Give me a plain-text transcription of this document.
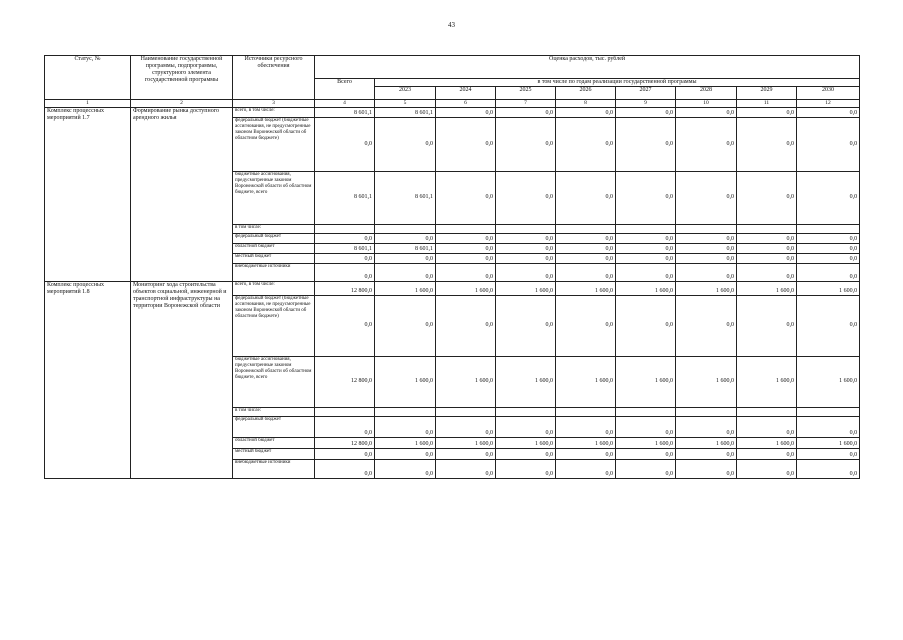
43
Статус, №	Наименование государственной программы, подпрограммы, структурного элемента государственной программы	Источники ресурсного обеспечения	Оценка расходов, тыс. рублей								
			Всего	в том числе по годам реализации государственной программы							
				2023	2024	2025	2026	2027	2028	2029	2030
1	2	3	4	5	6	7	8	9	10	11	12
Комплекс процессных мероприятий 1.7	Формирование рынка доступного арендного жилья	всего, в том числе:	8 601,1	8 601,1	0,0	0,0	0,0	0,0	0,0	0,0	0,0
		федеральный бюджет (бюджетные ассигнования, не предусмотренные законом Воронежской области об областном бюджете)	0,0	0,0	0,0	0,0	0,0	0,0	0,0	0,0	0,0
		бюджетные ассигнования, предусмотренные законом Воронежской области об областном бюджете, всего	8 601,1	8 601,1	0,0	0,0	0,0	0,0	0,0	0,0	0,0
		в том числе:									
		федеральный бюджет	0,0	0,0	0,0	0,0	0,0	0,0	0,0	0,0	0,0
		областной бюджет	8 601,1	8 601,1	0,0	0,0	0,0	0,0	0,0	0,0	0,0
		местный бюджет	0,0	0,0	0,0	0,0	0,0	0,0	0,0	0,0	0,0
		внебюджетные источники	0,0	0,0	0,0	0,0	0,0	0,0	0,0	0,0	0,0
Комплекс процессных мероприятий 1.8	Мониторинг хода строительства объектов социальной, инженерной и транспортной инфраструктуры на территории Воронежской области	всего, в том числе:	12 800,0	1 600,0	1 600,0	1 600,0	1 600,0	1 600,0	1 600,0	1 600,0	1 600,0
		федеральный бюджет (бюджетные ассигнования, не предусмотренные законом Воронежской области об областном бюджете)	0,0	0,0	0,0	0,0	0,0	0,0	0,0	0,0	0,0
		бюджетные ассигнования, предусмотренные законом Воронежской области об областном бюджете, всего	12 800,0	1 600,0	1 600,0	1 600,0	1 600,0	1 600,0	1 600,0	1 600,0	1 600,0
		в том числе:									
		федеральный бюджет	0,0	0,0	0,0	0,0	0,0	0,0	0,0	0,0	0,0
		областной бюджет	12 800,0	1 600,0	1 600,0	1 600,0	1 600,0	1 600,0	1 600,0	1 600,0	1 600,0
		местный бюджет	0,0	0,0	0,0	0,0	0,0	0,0	0,0	0,0	0,0
		внебюджетные источники	0,0	0,0	0,0	0,0	0,0	0,0	0,0	0,0	0,0
